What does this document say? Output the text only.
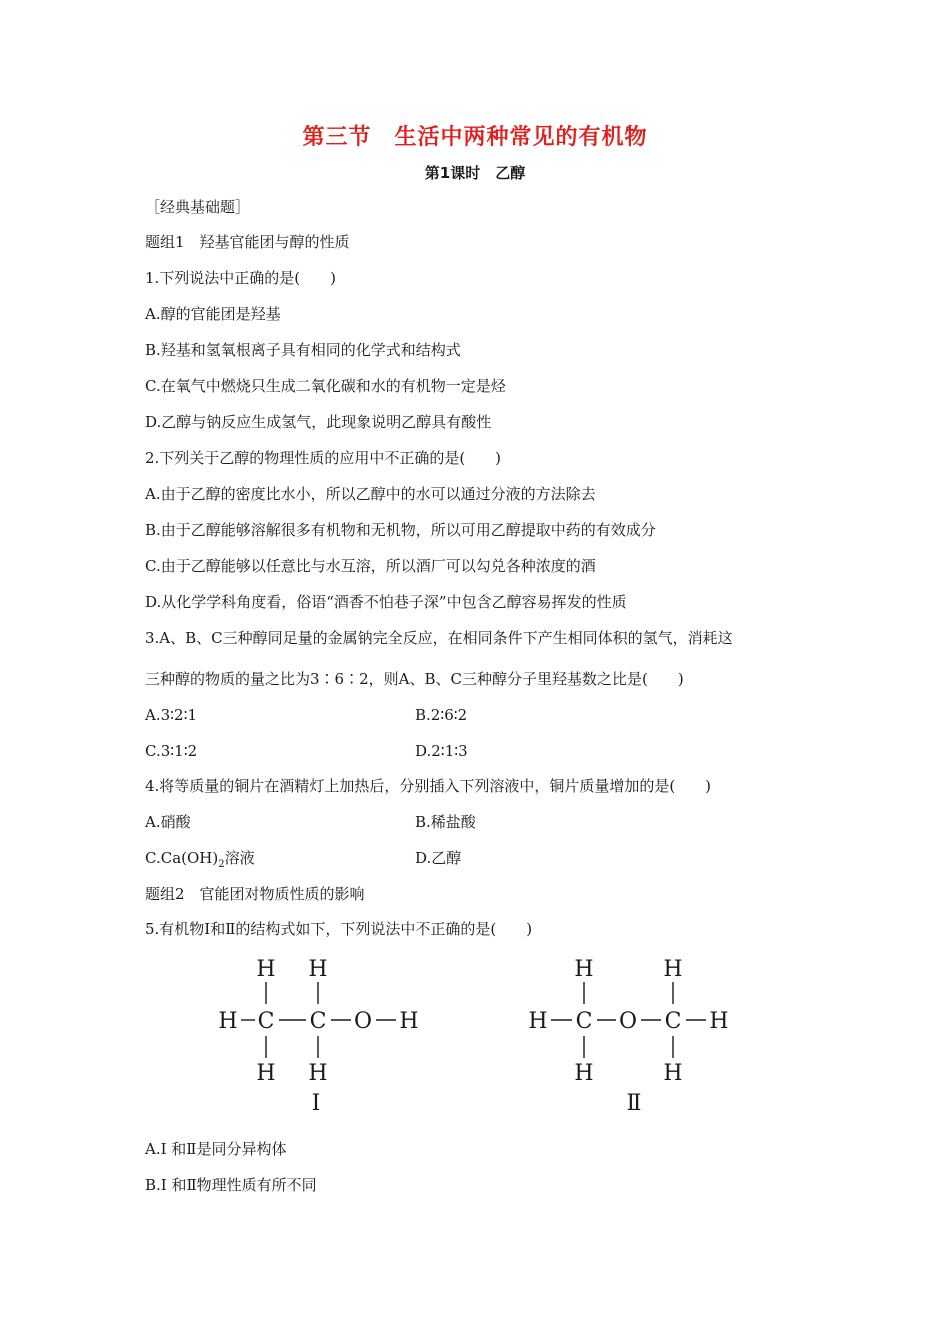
第三节　生活中两种常见的有机物
第1课时　乙醇
［经典基础题］
题组1　羟基官能团与醇的性质
1.下列说法中正确的是(　　)
A.醇的官能团是羟基
B.羟基和氢氧根离子具有相同的化学式和结构式
C.在氧气中燃烧只生成二氧化碳和水的有机物一定是烃
D.乙醇与钠反应生成氢气，此现象说明乙醇具有酸性
2.下列关于乙醇的物理性质的应用中不正确的是(　　)
A.由于乙醇的密度比水小，所以乙醇中的水可以通过分液的方法除去
B.由于乙醇能够溶解很多有机物和无机物，所以可用乙醇提取中药的有效成分
C.由于乙醇能够以任意比与水互溶，所以酒厂可以勾兑各种浓度的酒
D.从化学学科角度看，俗语“酒香不怕巷子深”中包含乙醇容易挥发的性质
3.A、B、C三种醇同足量的金属钠完全反应，在相同条件下产生相同体积的氢气，消耗这
三种醇的物质的量之比为3∶6∶2，则A、B、C三种醇分子里羟基数之比是(　　)
A.3∶2∶1	B.2∶6∶2
C.3∶1∶2	D.2∶1∶3
4.将等质量的铜片在酒精灯上加热后，分别插入下列溶液中，铜片质量增加的是(　　)
A.硝酸	B.稀盐酸
$C.Ca(OH)_2$溶液	D.乙醇
题组2　官能团对物质性质的影响
5.有机物Ⅰ和Ⅱ的结构式如下，下列说法中不正确的是(　　)
H H
H C C O H
H H
Ⅰ
H	H
H C O C H
H	H
Ⅱ
A.Ⅰ 和Ⅱ是同分异构体
B.Ⅰ 和Ⅱ物理性质有所不同
